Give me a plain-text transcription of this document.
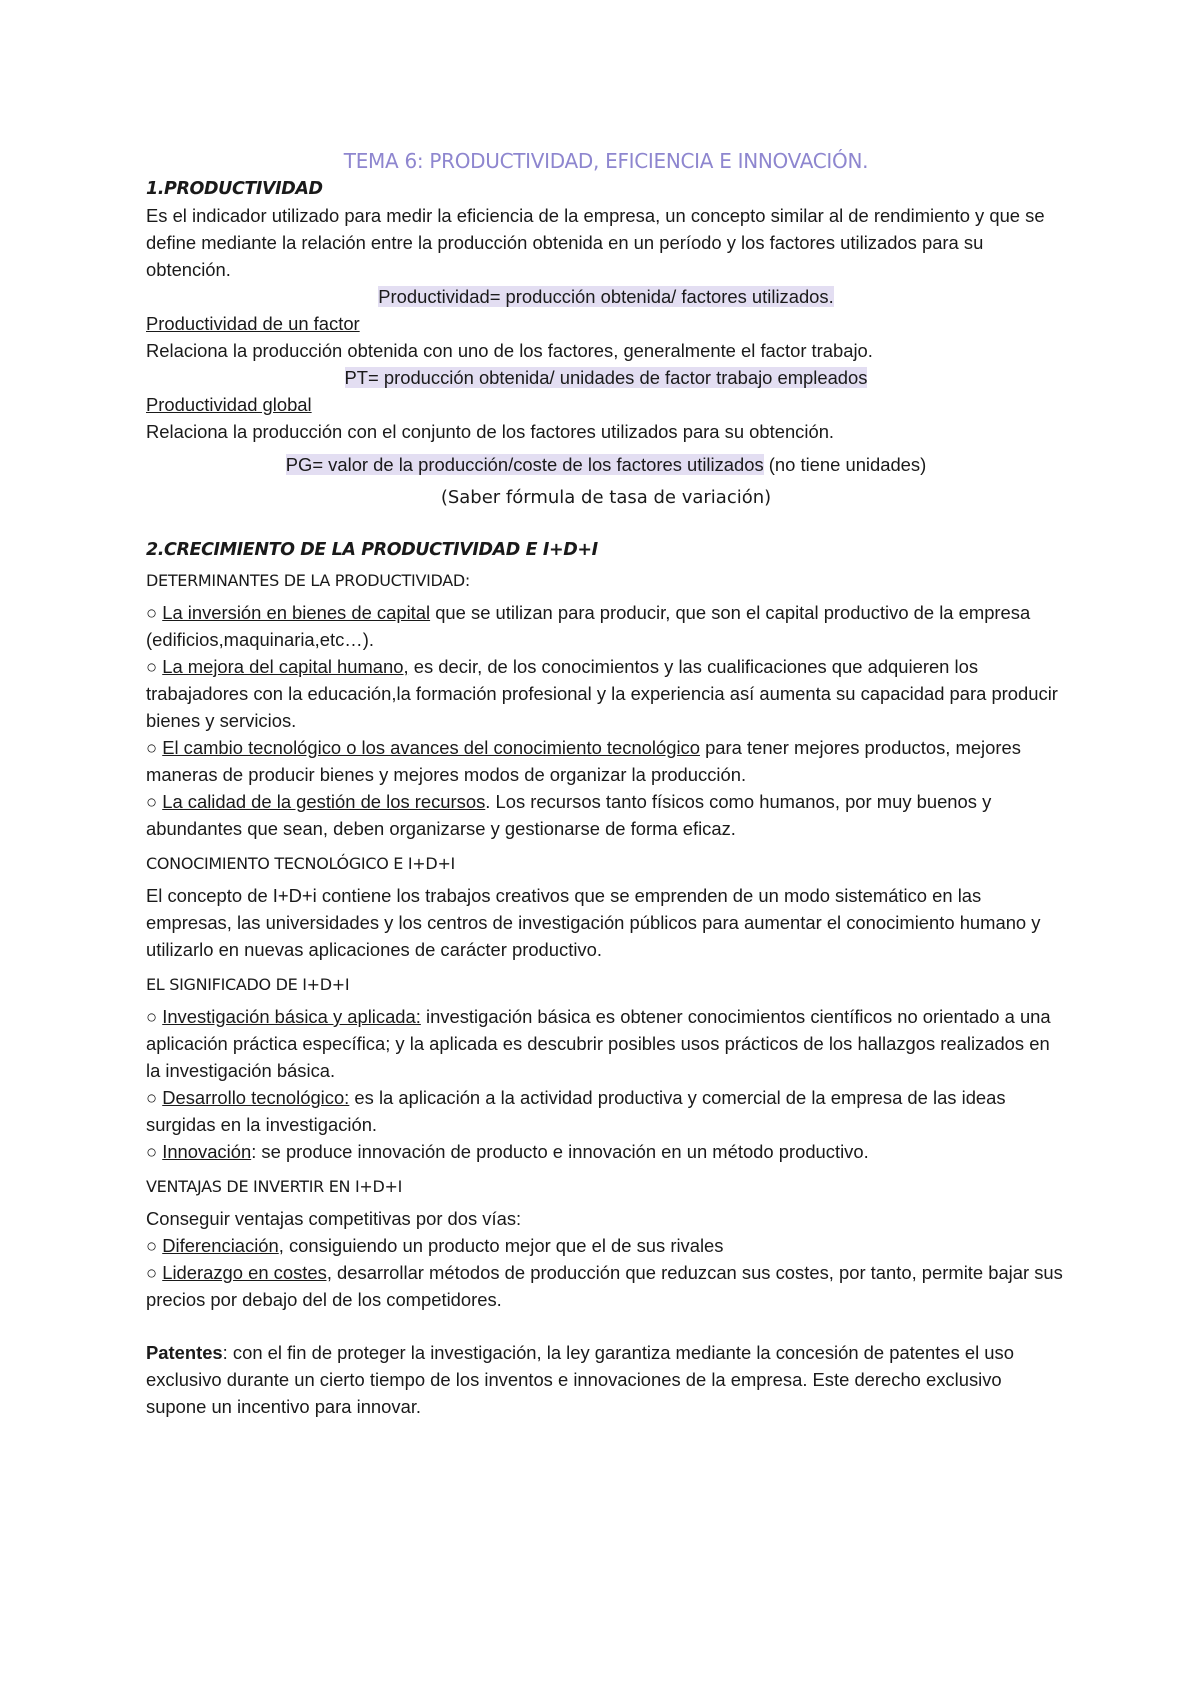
TEMA 6: PRODUCTIVIDAD, EFICIENCIA E INNOVACIÓN.

1.PRODUCTIVIDAD

Es el indicador utilizado para medir la eficiencia de la empresa, un concepto similar al de rendimiento y que se define mediante la relación entre la producción obtenida en un período y los factores utilizados para su obtención.

Productividad= producción obtenida/ factores utilizados.

Productividad de un factor

Relaciona la producción obtenida con uno de los factores, generalmente el factor trabajo.

PT= producción obtenida/ unidades de factor trabajo empleados

Productividad global

Relaciona la producción con el conjunto de los factores utilizados para su obtención.

PG= valor de la producción/coste de los factores utilizados (no tiene unidades)

(Saber fórmula de tasa de variación)

2.CRECIMIENTO DE LA PRODUCTIVIDAD E I+D+I

DETERMINANTES DE LA PRODUCTIVIDAD:

○ La inversión en bienes de capital que se utilizan para producir, que son el capital productivo de la empresa (edificios,maquinaria,etc…).

○ La mejora del capital humano, es decir, de los conocimientos y las cualificaciones que adquieren los trabajadores con la educación,la formación profesional y la experiencia así aumenta su capacidad para producir bienes y servicios.

○ El cambio tecnológico o los avances del conocimiento tecnológico para tener mejores productos, mejores maneras de producir bienes y mejores modos de organizar la producción.

○ La calidad de la gestión de los recursos. Los recursos tanto físicos como humanos, por muy buenos y abundantes que sean, deben organizarse y gestionarse de forma eficaz.

CONOCIMIENTO TECNOLÓGICO E I+D+I

El concepto de I+D+i contiene los trabajos creativos que se emprenden de un modo sistemático en las empresas, las universidades y los centros de investigación públicos para aumentar el conocimiento humano y utilizarlo en nuevas aplicaciones de carácter productivo.

EL SIGNIFICADO DE I+D+I

○ Investigación básica y aplicada: investigación básica es obtener conocimientos científicos no orientado a una aplicación práctica específica; y la aplicada es descubrir posibles usos prácticos de los hallazgos realizados en la investigación básica.

○ Desarrollo tecnológico: es la aplicación a la actividad productiva y comercial de la empresa de las ideas surgidas en la investigación.

○ Innovación: se produce innovación de producto e innovación en un método productivo.

VENTAJAS DE INVERTIR EN I+D+I

Conseguir ventajas competitivas por dos vías:

○ Diferenciación, consiguiendo un producto mejor que el de sus rivales

○ Liderazgo en costes, desarrollar métodos de producción que reduzcan sus costes, por tanto, permite bajar sus precios por debajo del de los competidores.

Patentes: con el fin de proteger la investigación, la ley garantiza mediante la concesión de patentes el uso exclusivo durante un cierto tiempo de los inventos e innovaciones de la empresa. Este derecho exclusivo supone un incentivo para innovar.
